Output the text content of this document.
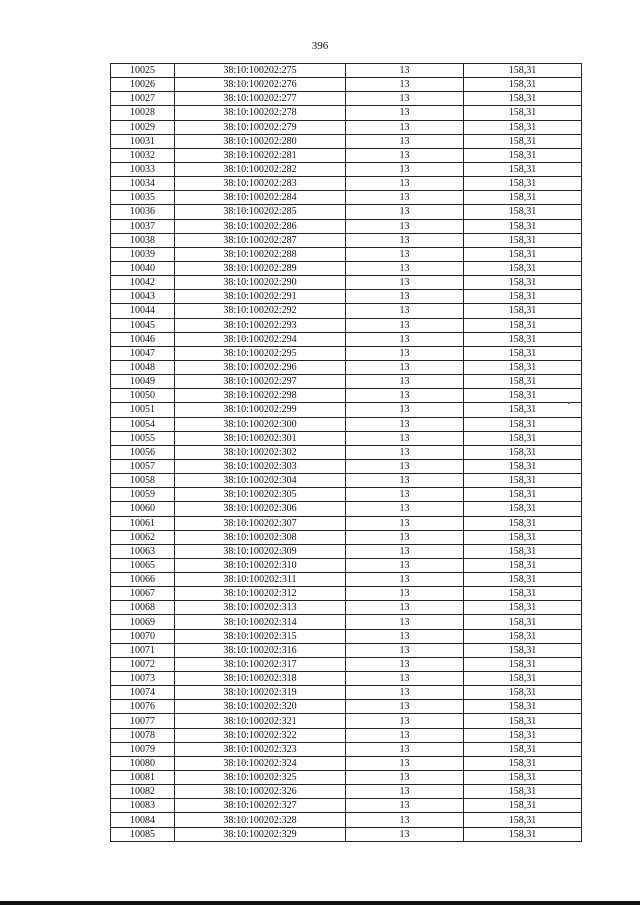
396
10025	38:10:100202:275	13	158,31
10026	38:10:100202:276	13	158,31
10027	38:10:100202:277	13	158,31
10028	38:10:100202:278	13	158,31
10029	38:10:100202:279	13	158,31
10031	38:10:100202:280	13	158,31
10032	38:10:100202:281	13	158,31
10033	38:10:100202:282	13	158,31
10034	38:10:100202:283	13	158,31
10035	38:10:100202:284	13	158,31
10036	38:10:100202:285	13	158,31
10037	38:10:100202:286	13	158,31
10038	38:10:100202:287	13	158,31
10039	38:10:100202:288	13	158,31
10040	38:10:100202:289	13	158,31
10042	38:10:100202:290	13	158,31
10043	38:10:100202:291	13	158,31
10044	38:10:100202:292	13	158,31
10045	38:10:100202:293	13	158,31
10046	38:10:100202:294	13	158,31
10047	38:10:100202:295	13	158,31
10048	38:10:100202:296	13	158,31
10049	38:10:100202:297	13	158,31
10050	38:10:100202:298	13	158,31
10051	38:10:100202:299	13	158,31
10054	38:10:100202:300	13	158,31
10055	38:10:100202:301	13	158,31
10056	38:10:100202:302	13	158,31
10057	38:10:100202:303	13	158,31
10058	38:10:100202:304	13	158,31
10059	38:10:100202:305	13	158,31
10060	38:10:100202:306	13	158,31
10061	38:10:100202:307	13	158,31
10062	38:10:100202:308	13	158,31
10063	38:10:100202:309	13	158,31
10065	38:10:100202:310	13	158,31
10066	38:10:100202:311	13	158,31
10067	38:10:100202:312	13	158,31
10068	38:10:100202:313	13	158,31
10069	38:10:100202:314	13	158,31
10070	38:10:100202:315	13	158,31
10071	38:10:100202:316	13	158,31
10072	38:10:100202:317	13	158,31
10073	38:10:100202:318	13	158,31
10074	38:10:100202:319	13	158,31
10076	38:10:100202:320	13	158,31
10077	38:10:100202:321	13	158,31
10078	38:10:100202:322	13	158,31
10079	38:10:100202:323	13	158,31
10080	38:10:100202:324	13	158,31
10081	38:10:100202:325	13	158,31
10082	38:10:100202:326	13	158,31
10083	38:10:100202:327	13	158,31
10084	38:10:100202:328	13	158,31
10085	38:10:100202:329	13	158,31
